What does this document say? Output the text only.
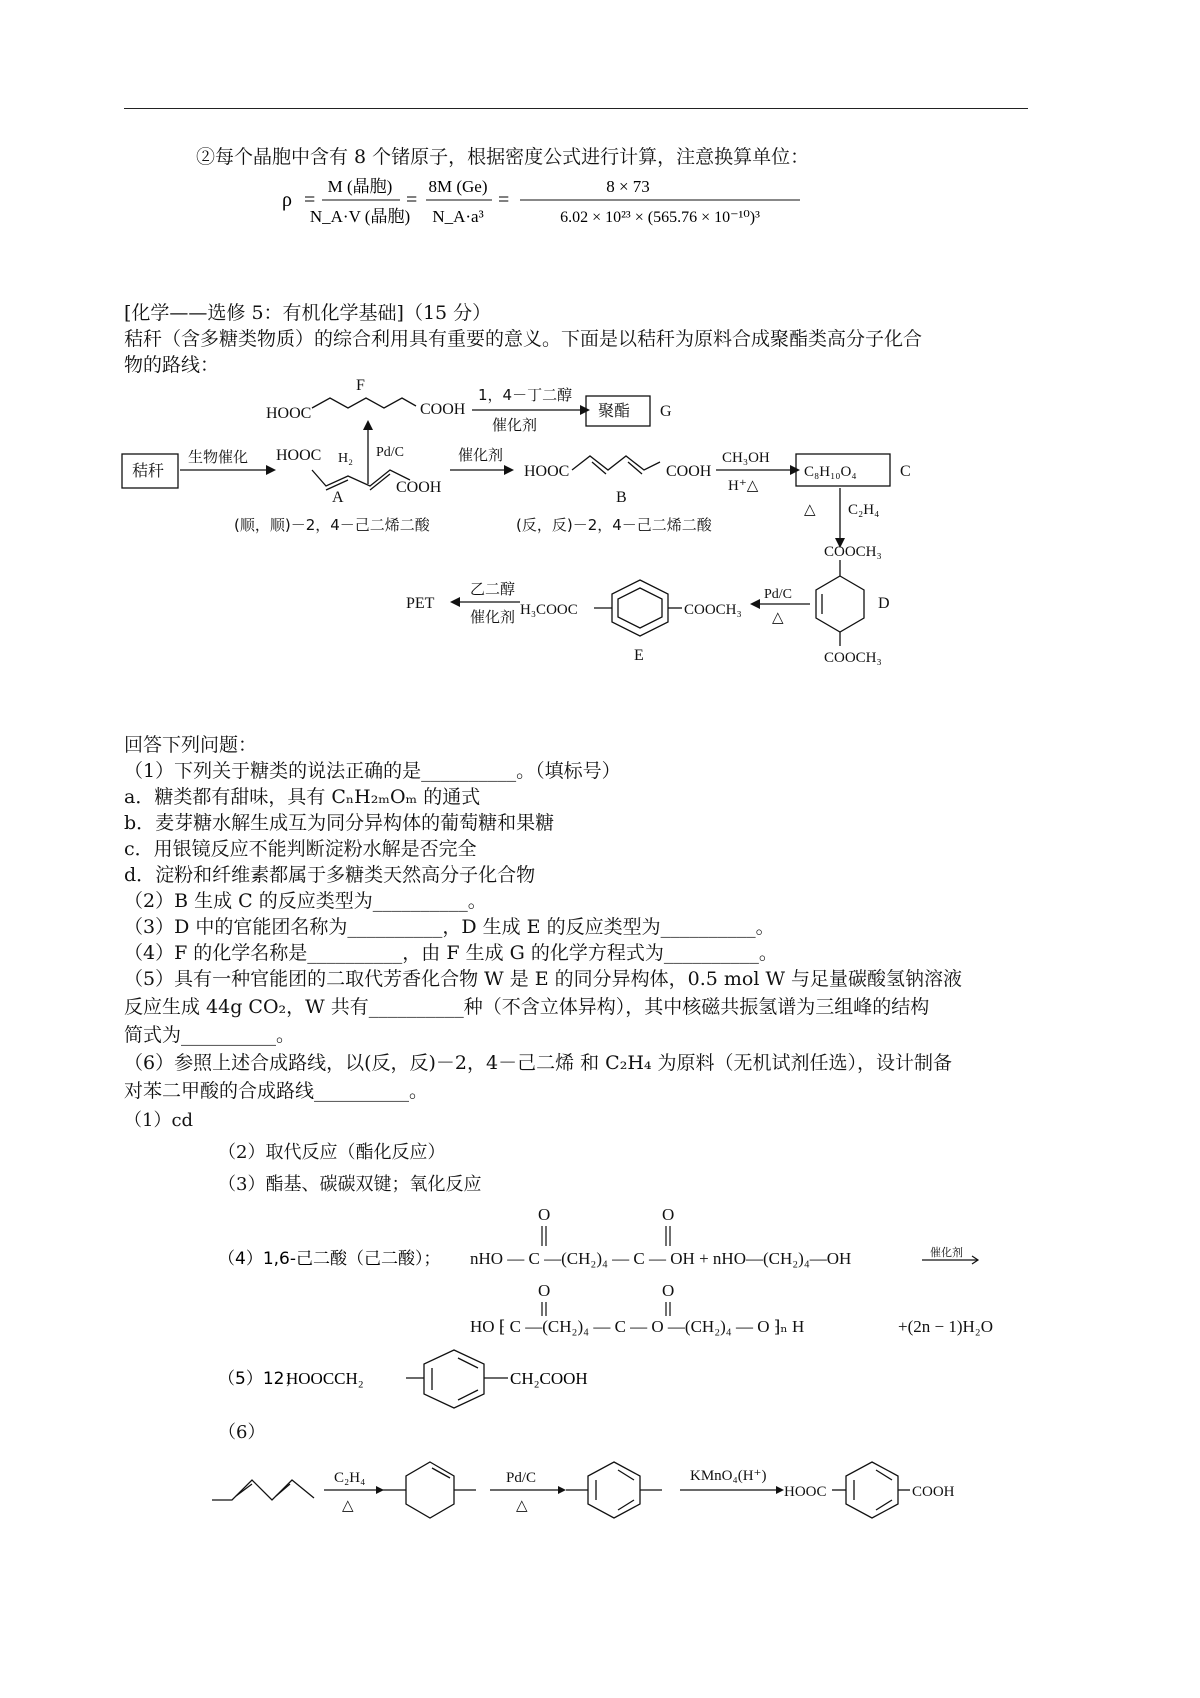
②每个晶胞中含有 8 个锗原子，根据密度公式进行计算，注意换算单位：
ρ =
M (晶胞)
N_A·V (晶胞)
=
8M (Ge)
N_A·a³
=
8 × 73
6.02 × 10²³ × (565.76 × 10⁻¹⁰)³
[化学——选修 5：有机化学基础]（15 分）
秸秆（含多糖类物质）的综合利用具有重要的意义。下面是以秸秆为原料合成聚酯类高分子化合
物的路线：
F
HOOC	COOH
1，4－丁二醇
催化剂
聚酯 G
H₂ Pd/C
秸秆
生物催化 HOOC
COOH
A
(顺，顺)－2，4－己二烯二酸
催化剂
HOOC	COOH
B
(反，反)－2，4－己二烯二酸
CH₃OH
H⁺△
C₈H₁₀O₄	C
△ C₂H₄
COOCH₃
D
COOCH₃
Pd/C
△
COOCH₃
H₃COOC
E
PET
乙二醇
催化剂
回答下列问题：
（1）下列关于糖类的说法正确的是__________。（填标号）
a．糖类都有甜味，具有 CₙH₂ₘOₘ 的通式
b．麦芽糖水解生成互为同分异构体的葡萄糖和果糖
c．用银镜反应不能判断淀粉水解是否完全
d．淀粉和纤维素都属于多糖类天然高分子化合物
（2）B 生成 C 的反应类型为__________。
（3）D 中的官能团名称为__________，D 生成 E 的反应类型为__________。
（4）F 的化学名称是__________，由 F 生成 G 的化学方程式为__________。
（5）具有一种官能团的二取代芳香化合物 W 是 E 的同分异构体，0.5 mol W 与足量碳酸氢钠溶液
反应生成 44g CO₂，W 共有__________种（不含立体异构），其中核磁共振氢谱为三组峰的结构
简式为__________。
（6）参照上述合成路线，以(反，反)－2，4－己二烯 和 C₂H₄ 为原料（无机试剂任选），设计制备
对苯二甲酸的合成路线__________。
（1）cd
（2）取代反应（酯化反应）
（3）酯基、碳碳双键；氧化反应
（4）1,6-己二酸（己二酸）；
O	O
nHO — C —(CH₂)₄ — C — OH + nHO—(CH₂)₄—OH	催化剂
O	O
HO ⁅ C —(CH₂)₄ — C — O —(CH₂)₄ — O ⁆ₙ H	+(2n − 1)H₂O
（5）12；
HOOCCH₂	CH₂COOH
（6）
C₂H₄
△
Pd/C
△
KMnO₄(H⁺)
HOOC	COOH
